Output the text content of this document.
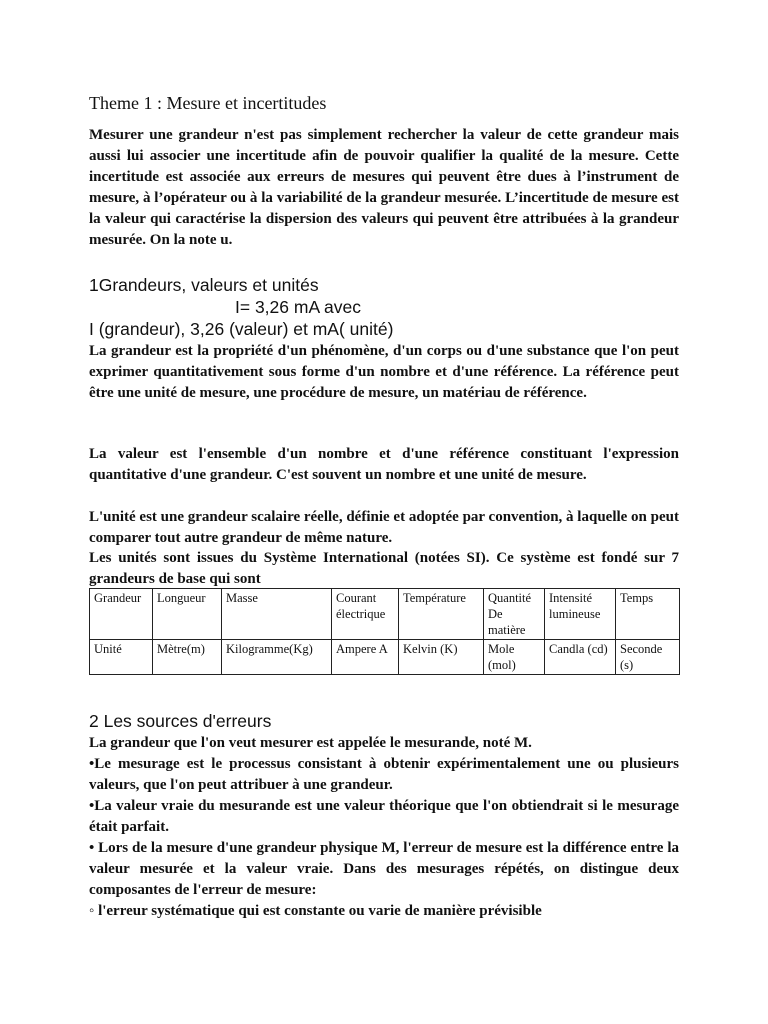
Theme 1 : Mesure et incertitudes
Mesurer une grandeur n'est pas simplement rechercher la valeur de cette grandeur mais aussi lui associer une incertitude afin de pouvoir qualifier la qualité de la mesure. Cette incertitude est associée aux erreurs de mesures qui peuvent être dues à l’instrument de mesure, à l’opérateur ou à la variabilité de la grandeur mesurée. L’incertitude de mesure est la valeur qui caractérise la dispersion des valeurs qui peuvent être attribuées à la grandeur mesurée. On la note u.
1Grandeurs, valeurs et unités
I= 3,26 mA avec
I (grandeur), 3,26 (valeur) et mA( unité)
La grandeur est la propriété d'un phénomène, d'un corps ou d'une substance que l'on peut exprimer quantitativement sous forme d'un nombre et d'une référence. La référence peut être une unité de mesure, une procédure de mesure, un matériau de référence.
La valeur est l'ensemble d'un nombre et d'une référence constituant l'expression quantitative d'une grandeur. C'est souvent un nombre et une unité de mesure.
L'unité est une grandeur scalaire réelle, définie et adoptée par convention, à laquelle on peut comparer tout autre grandeur de même nature.
Les unités sont issues du Système International (notées SI). Ce système est fondé sur 7 grandeurs de base qui sont
Grandeur	Longueur	Masse	Courant électrique	Température	Quantité De matière	Intensité lumineuse	Temps
Unité	Mètre(m)	Kilogramme(Kg)	Ampere A	Kelvin (K)	Mole (mol)	Candla (cd)	Seconde (s)
2 Les sources d'erreurs
La grandeur que l'on veut mesurer est appelée le mesurande, noté M.
•Le mesurage est le processus consistant à obtenir expérimentalement une ou plusieurs valeurs, que l'on peut attribuer à une grandeur.
•La valeur vraie du mesurande est une valeur théorique que l'on obtiendrait si le mesurage était parfait.
• Lors de la mesure d'une grandeur physique M, l'erreur de mesure est la différence entre la valeur mesurée et la valeur vraie. Dans des mesurages répétés, on distingue deux composantes de l'erreur de mesure:
◦ l'erreur systématique qui est constante ou varie de manière prévisible
